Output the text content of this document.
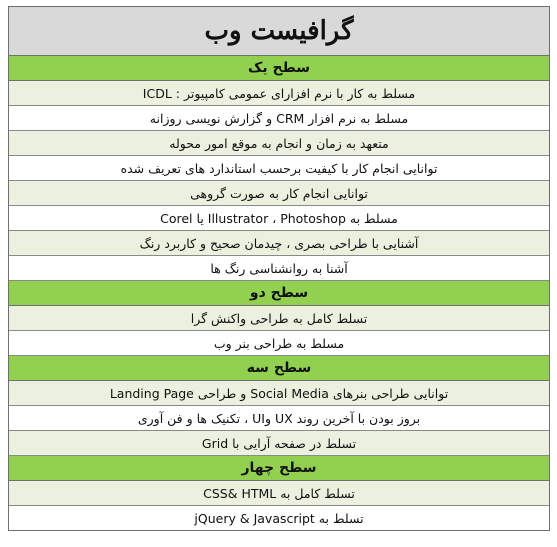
گرافیست وب
سطح یک
مسلط به کار با نرم افزارای عمومی کامپیوتر : ICDL
مسلط به نرم افزار CRM و گزارش نویسی روزانه
متعهد به زمان و انجام به موقع امور محوله
توانایی انجام کار با کیفیت برحسب استاندارد های تعریف شده
توانایی انجام کار به صورت گروهی
مسلط به Illustrator ، Photoshop یا Corel
آشنایی با طراحی بصری ، چیدمان صحیح و کاربرد رنگ
آشنا به روانشناسی رنگ ها
سطح دو
تسلط کامل به طراحی واکنش گرا
مسلط به طراحی بنر وب
سطح سه
توانایی طراحی بنرهای Social Media و طراحی Landing Page
بروز بودن با آخرین روند UX وUI ، تکنیک ها و فن آوری
تسلط در صفحه آرایی با Grid
سطح چهار
تسلط کامل به CSS& HTML
تسلط به jQuery & Javascript
